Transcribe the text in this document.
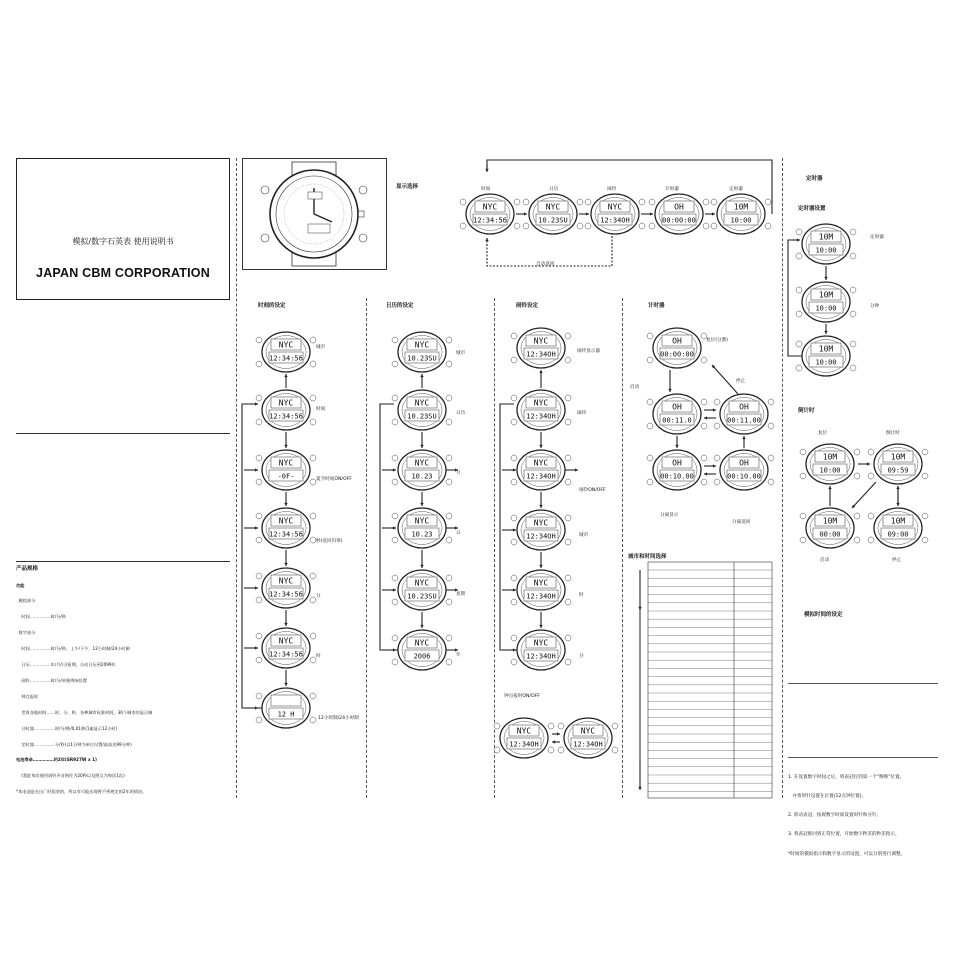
模拟/数字石英表 使用说明书
JAPAN CBM CORPORATION
产品规格

功能

模拟部分

时间……………时/分/秒

数字部分

时间……………时/分/秒、上午/下午、12小时制/24小时制

日历……………年/月/日/星期，自动日历到2099年

闹铃……………时/分/单独鸣响设置

钟点报时

世界各地时间……时、分、秒、各种城市标准时间，30个城市的显示制

计时器……………时/分/秒/0.01秒(1遍显示12小时)

定时器……………分/秒(以1分钟为单位设置/最高达99分钟)

电池寿命……………约2年(SR927W x 1)

(我此每次使用闹铃声音则往为20秒以及照点为每次1次)

*本电池是在出厂时组装的，所以有可能出现将不到规定的2年的情况。

显示选择
时刻的设定	日历的设定	闹铃设定	计时器
定时器
定时器设置
倒计时
城市和时间选择
模拟时间的设定
NYC
12:34:56
NYC
10.23SU
NYC
12:34OH
OH
00:00:00
10M
10:00
NYC
12:34:56
NYC
12:34:56
NYC
-0F-
NYC
12:34:56
NYC
12:34:56
NYC
12:34:56
12 H
NYC
10.23SU
NYC
10.23SU
NYC
10.23
NYC
10.23
NYC
10.23SU
NYC
2006
NYC
12:34OH
NYC
12:34OH
NYC
12:34OH
NYC
12:34OH
NYC
12:34OH
NYC
12:34OH
NYC
12:34OH
NYC
12:34OH
OH
00:00:00
OH
00:11.0
OH
00:11.00
OH
00:10.00
OH
00:10.00
10M
10:00
10M
10:00
10M
10:00
10M
10:00
10M
09:59
10M
00:00
10M
09:00
时间	日历	闹铃	计时器	定时器
自动返回
城市
时间
夏令时间ON/OFF
秒(返回归零)
分
时
12小时制/24小时制
城市
日历
月
日
星期
年
闹铃显示器
闹铃
闹铃ON/OFF
城市
时
分
钟点报时ON/OFF
复位(分割)
启动
停止
分离显示
分离返回
定时器
分钟
复位	倒计时
启动	停止

1. 在设置数字时间之后，将表冠拉到第一个“喀嚓”位置。

并将时针设置在位置(12点钟位置)。

2. 转动表冠，按规数字时间设置时针和分针。

3. 将表冠推回到正常位置，开始数字秒差的秒差指示。

*时间的模拟指示和数字显示的设置，可以分别进行调整。
